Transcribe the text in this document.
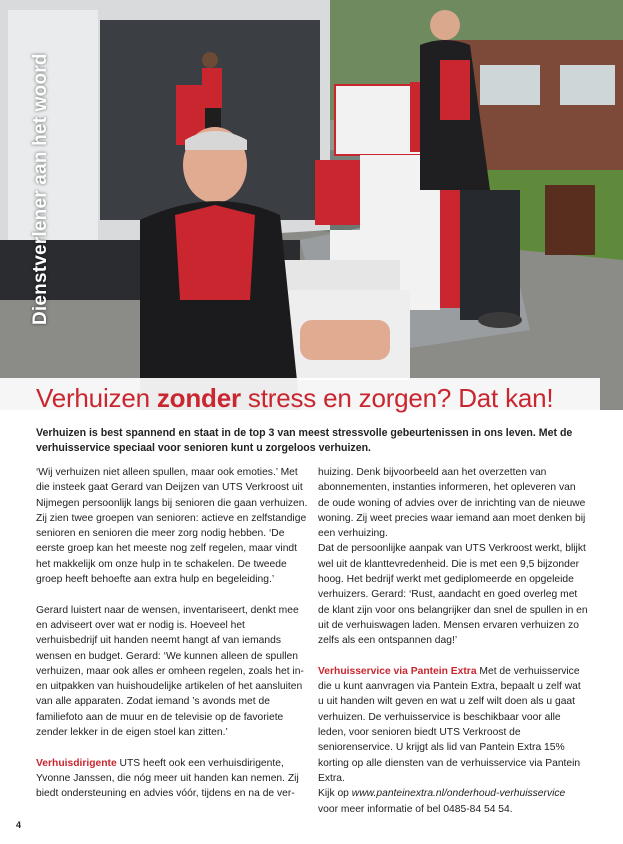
Dienstverlener aan het woord
Verhuizen zonder stress en zorgen? Dat kan!
Verhuizen is best spannend en staat in de top 3 van meest stressvolle gebeurtenissen in ons leven. Met de verhuisservice speciaal voor senioren kunt u zorgeloos verhuizen.

‘Wij verhuizen niet alleen spullen, maar ook emoties.’ Met die insteek gaat Gerard van Deijzen van UTS Verkroost uit Nijmegen persoonlijk langs bij senioren die gaan verhuizen. Zij zien twee groepen van senioren: actieve en zelfstandige senioren en senioren die meer zorg nodig hebben. ‘De eerste groep kan het meeste nog zelf regelen, maar vindt het makkelijk om onze hulp in te schakelen. De tweede groep heeft behoefte aan extra hulp en begeleiding.’

Gerard luistert naar de wensen, inventariseert, denkt mee en adviseert over wat er nodig is. Hoeveel het verhuisbedrijf uit handen neemt hangt af van iemands wensen en budget. Gerard: ‘We kunnen alleen de spullen verhuizen, maar ook alles er omheen regelen, zoals het in- en uitpakken van huishoudelijke artikelen of het aansluiten van alle apparaten. Zodat iemand ’s avonds met de familiefoto aan de muur en de televisie op de favoriete zender lekker in de eigen stoel kan zitten.’

Verhuisdirigente UTS heeft ook een verhuisdirigente, Yvonne Janssen, die nóg meer uit handen kan nemen. Zij biedt ondersteuning en advies vóór, tijdens en na de ver-

huizing. Denk bijvoorbeeld aan het overzetten van abonnementen, instanties informeren, het opleveren van de oude woning of advies over de inrichting van de nieuwe woning. Zij weet precies waar iemand aan moet denken bij een verhuizing.

Dat de persoonlijke aanpak van UTS Verkroost werkt, blijkt wel uit de klanttevredenheid. Die is met een 9,5 bijzonder hoog. Het bedrijf werkt met gediplomeerde en opgeleide verhuizers. Gerard: ‘Rust, aandacht en goed overleg met de klant zijn voor ons belangrijker dan snel de spullen in en uit de verhuiswagen laden. Mensen ervaren verhuizen zo zelfs als een ontspannen dag!’

Verhuisservice via Pantein Extra Met de verhuisservice die u kunt aanvragen via Pantein Extra, bepaalt u zelf wat u uit handen wilt geven en wat u zelf wilt doen als u gaat verhuizen. De verhuisservice is beschikbaar voor alle leden, voor senioren biedt UTS Verkroost de seniorenservice. U krijgt als lid van Pantein Extra 15% korting op alle diensten van de verhuisservice via Pantein Extra.

Kijk op www.panteinextra.nl/onderhoud-verhuisservice voor meer informatie of bel 0485-84 54 54.

4
